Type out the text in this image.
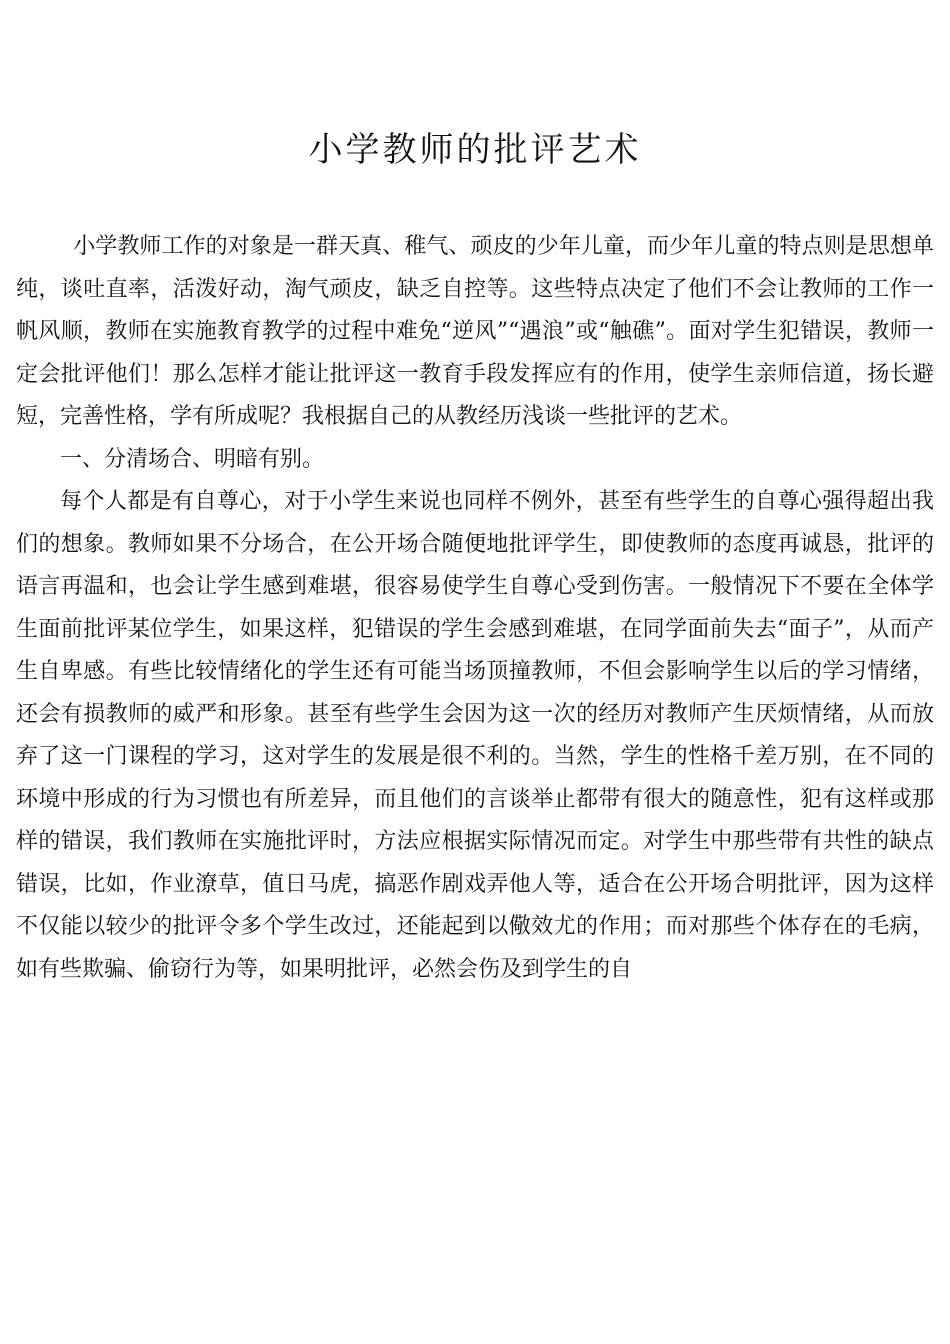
小学教师的批评艺术

小学教师工作的对象是一群天真、稚气、顽皮的少年儿童，而少年儿童的特点则是思想单纯，谈吐直率，活泼好动，淘气顽皮，缺乏自控等。这些特点决定了他们不会让教师的工作一帆风顺，教师在实施教育教学的过程中难免“逆风”“遇浪”或“触礁”。面对学生犯错误，教师一定会批评他们！那么怎样才能让批评这一教育手段发挥应有的作用，使学生亲师信道，扬长避短，完善性格，学有所成呢？我根据自己的从教经历浅谈一些批评的艺术。

一、分清场合、明暗有别。

每个人都是有自尊心，对于小学生来说也同样不例外，甚至有些学生的自尊心强得超出我们的想象。教师如果不分场合，在公开场合随便地批评学生，即使教师的态度再诚恳，批评的语言再温和，也会让学生感到难堪，很容易使学生自尊心受到伤害。一般情况下不要在全体学生面前批评某位学生，如果这样，犯错误的学生会感到难堪，在同学面前失去“面子”，从而产生自卑感。有些比较情绪化的学生还有可能当场顶撞教师，不但会影响学生以后的学习情绪，还会有损教师的威严和形象。甚至有些学生会因为这一次的经历对教师产生厌烦情绪，从而放弃了这一门课程的学习，这对学生的发展是很不利的。当然，学生的性格千差万别，在不同的环境中形成的行为习惯也有所差异，而且他们的言谈举止都带有很大的随意性，犯有这样或那样的错误，我们教师在实施批评时，方法应根据实际情况而定。对学生中那些带有共性的缺点错误，比如，作业潦草，值日马虎，搞恶作剧戏弄他人等，适合在公开场合明批评，因为这样不仅能以较少的批评令多个学生改过，还能起到以儆效尤的作用；而对那些个体存在的毛病，如有些欺骗、偷窃行为等，如果明批评，必然会伤及到学生的自
